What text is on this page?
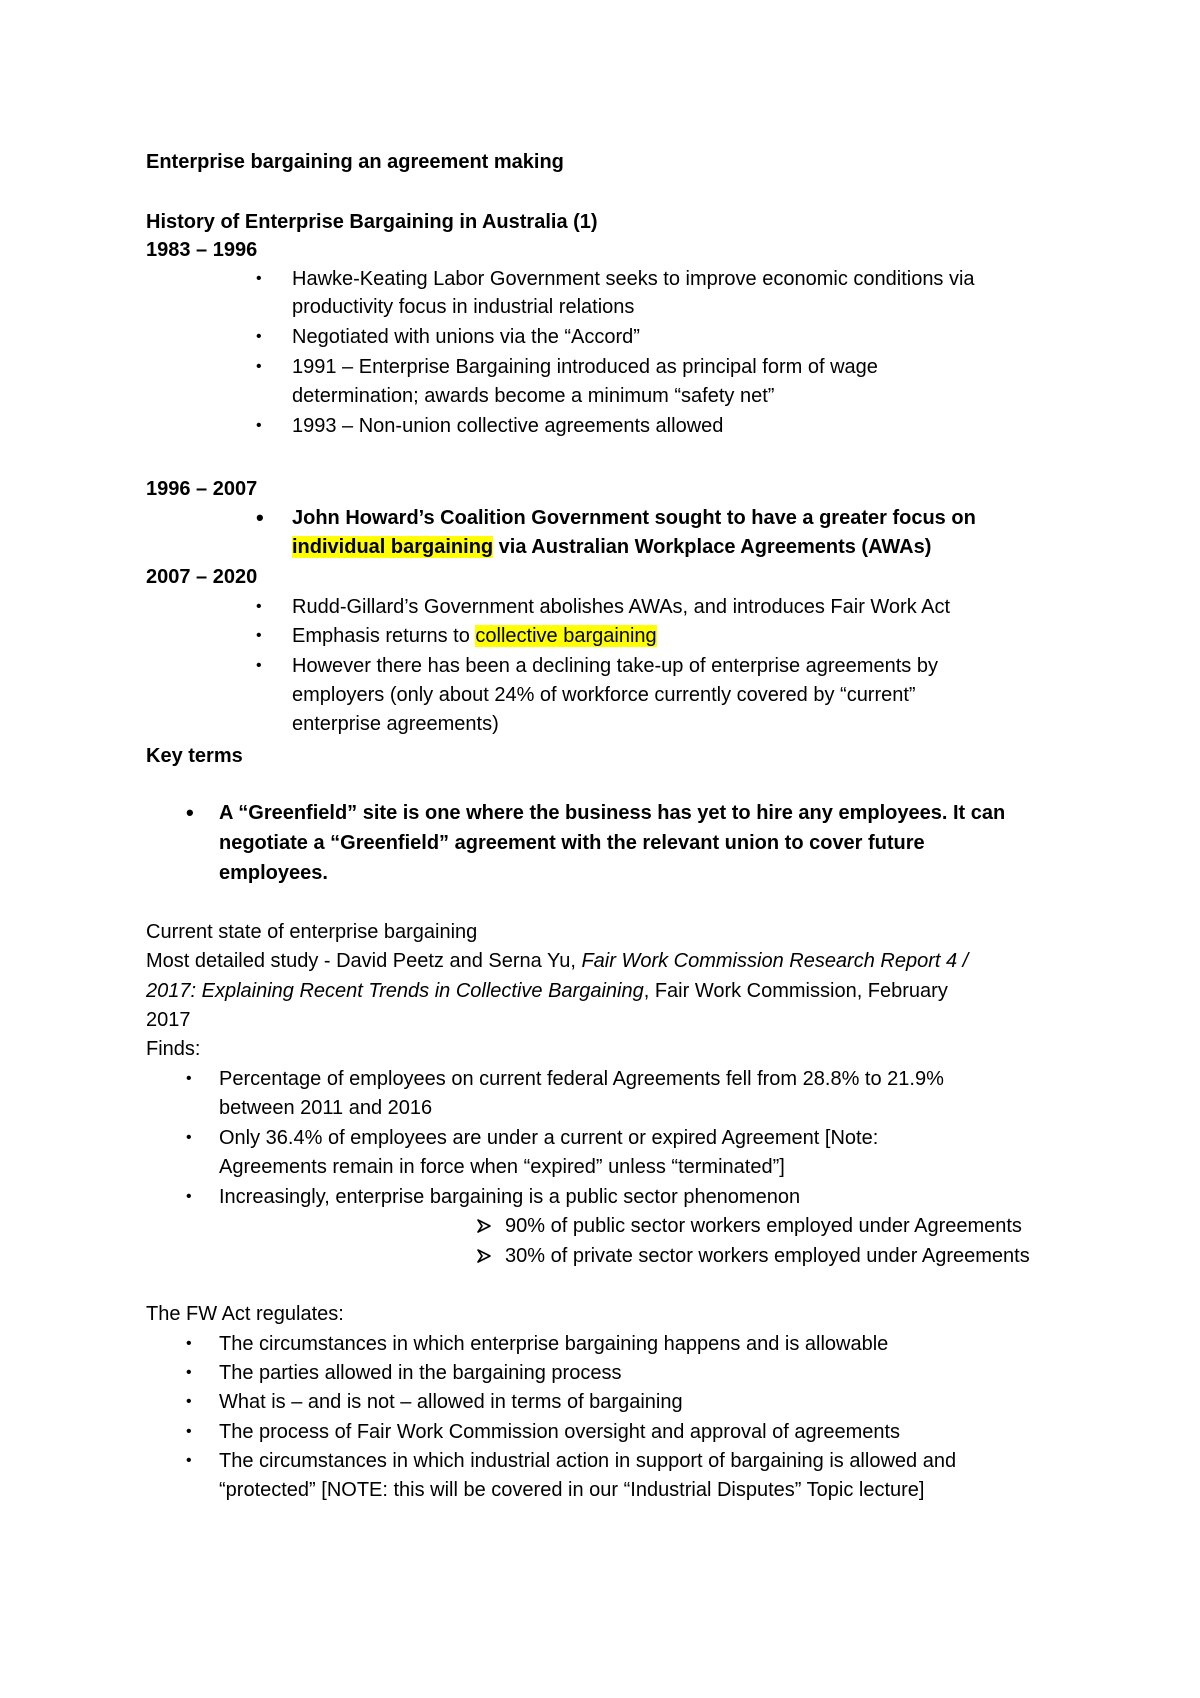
Enterprise bargaining an agreement making
History of Enterprise Bargaining in Australia (1)
1983 – 1996
• Hawke-Keating Labor Government seeks to improve economic conditions via
productivity focus in industrial relations
• Negotiated with unions via the “Accord”
• 1991 – Enterprise Bargaining introduced as principal form of wage
determination; awards become a minimum “safety net”
• 1993 – Non-union collective agreements allowed
1996 – 2007
• John Howard’s Coalition Government sought to have a greater focus on
individual bargaining via Australian Workplace Agreements (AWAs)
2007 – 2020
• Rudd-Gillard’s Government abolishes AWAs, and introduces Fair Work Act
• Emphasis returns to collective bargaining
• However there has been a declining take-up of enterprise agreements by
employers (only about 24% of workforce currently covered by “current”
enterprise agreements)
Key terms
• A “Greenfield” site is one where the business has yet to hire any employees. It can
negotiate a “Greenfield” agreement with the relevant union to cover future
employees.
Current state of enterprise bargaining
Most detailed study - David Peetz and Serna Yu, Fair Work Commission Research Report 4 /
2017: Explaining Recent Trends in Collective Bargaining, Fair Work Commission, February
2017
Finds:
• Percentage of employees on current federal Agreements fell from 28.8% to 21.9%
between 2011 and 2016
• Only 36.4% of employees are under a current or expired Agreement [Note:
Agreements remain in force when “expired” unless “terminated”]
• Increasingly, enterprise bargaining is a public sector phenomenon
90% of public sector workers employed under Agreements
30% of private sector workers employed under Agreements
The FW Act regulates:
• The circumstances in which enterprise bargaining happens and is allowable
• The parties allowed in the bargaining process
• What is – and is not – allowed in terms of bargaining
• The process of Fair Work Commission oversight and approval of agreements
• The circumstances in which industrial action in support of bargaining is allowed and
“protected” [NOTE: this will be covered in our “Industrial Disputes” Topic lecture]
